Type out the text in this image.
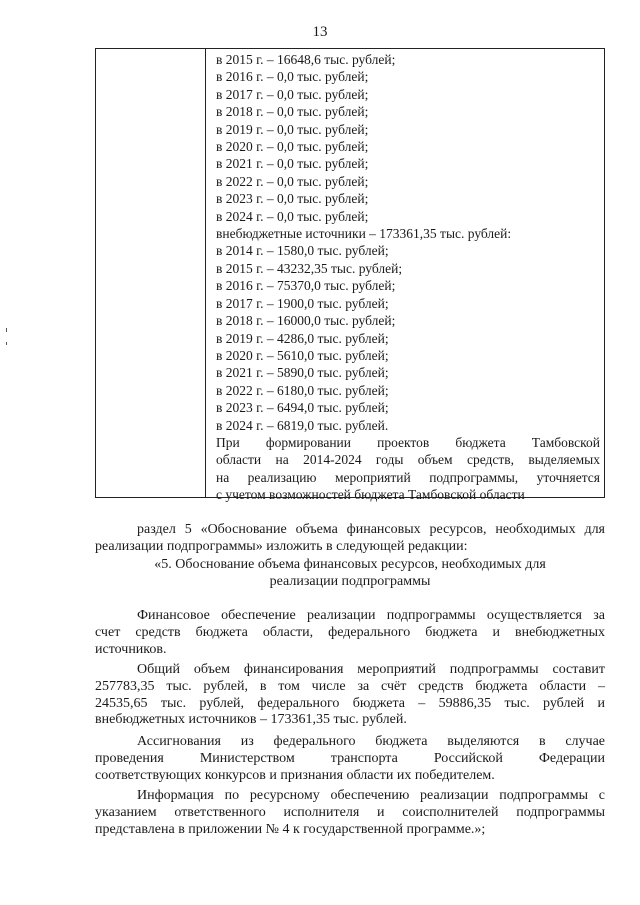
13
в 2015 г. – 16648,6 тыс. рублей;
в 2016 г. – 0,0 тыс. рублей;
в 2017 г. – 0,0 тыс. рублей;
в 2018 г. – 0,0 тыс. рублей;
в 2019 г. – 0,0 тыс. рублей;
в 2020 г. – 0,0 тыс. рублей;
в 2021 г. – 0,0 тыс. рублей;
в 2022 г. – 0,0 тыс. рублей;
в 2023 г. – 0,0 тыс. рублей;
в 2024 г. – 0,0 тыс. рублей;
внебюджетные источники – 173361,35 тыс. рублей:
в 2014 г. – 1580,0 тыс. рублей;
в 2015 г. – 43232,35 тыс. рублей;
в 2016 г. – 75370,0 тыс. рублей;
в 2017 г. – 1900,0 тыс. рублей;
в 2018 г. – 16000,0 тыс. рублей;
в 2019 г. – 4286,0 тыс. рублей;
в 2020 г. – 5610,0 тыс. рублей;
в 2021 г. – 5890,0 тыс. рублей;
в 2022 г. – 6180,0 тыс. рублей;
в 2023 г. – 6494,0 тыс. рублей;
в 2024 г. – 6819,0 тыс. рублей.

При формировании проектов бюджета Тамбовской
области на 2014-2024 годы объем средств, выделяемых
на реализацию мероприятий подпрограммы, уточняется
с учетом возможностей бюджета Тамбовской области

раздел 5 «Обоснование объема финансовых ресурсов, необходимых для
реализации подпрограммы» изложить в следующей редакции:

«5. Обоснование объема финансовых ресурсов, необходимых для
реализации подпрограммы

Финансовое обеспечение реализации подпрограммы осуществляется за
счет средств бюджета области, федерального бюджета и внебюджетных
источников.

Общий объем финансирования мероприятий подпрограммы составит
257783,35 тыс. рублей, в том числе за счёт средств бюджета области –
24535,65 тыс. рублей, федерального бюджета – 59886,35 тыс. рублей и
внебюджетных источников – 173361,35 тыс. рублей.

Ассигнования из федерального бюджета выделяются в случае
проведения Министерством транспорта Российской Федерации
соответствующих конкурсов и признания области их победителем.

Информация по ресурсному обеспечению реализации подпрограммы с
указанием ответственного исполнителя и соисполнителей подпрограммы
представлена в приложении № 4 к государственной программе.»;
